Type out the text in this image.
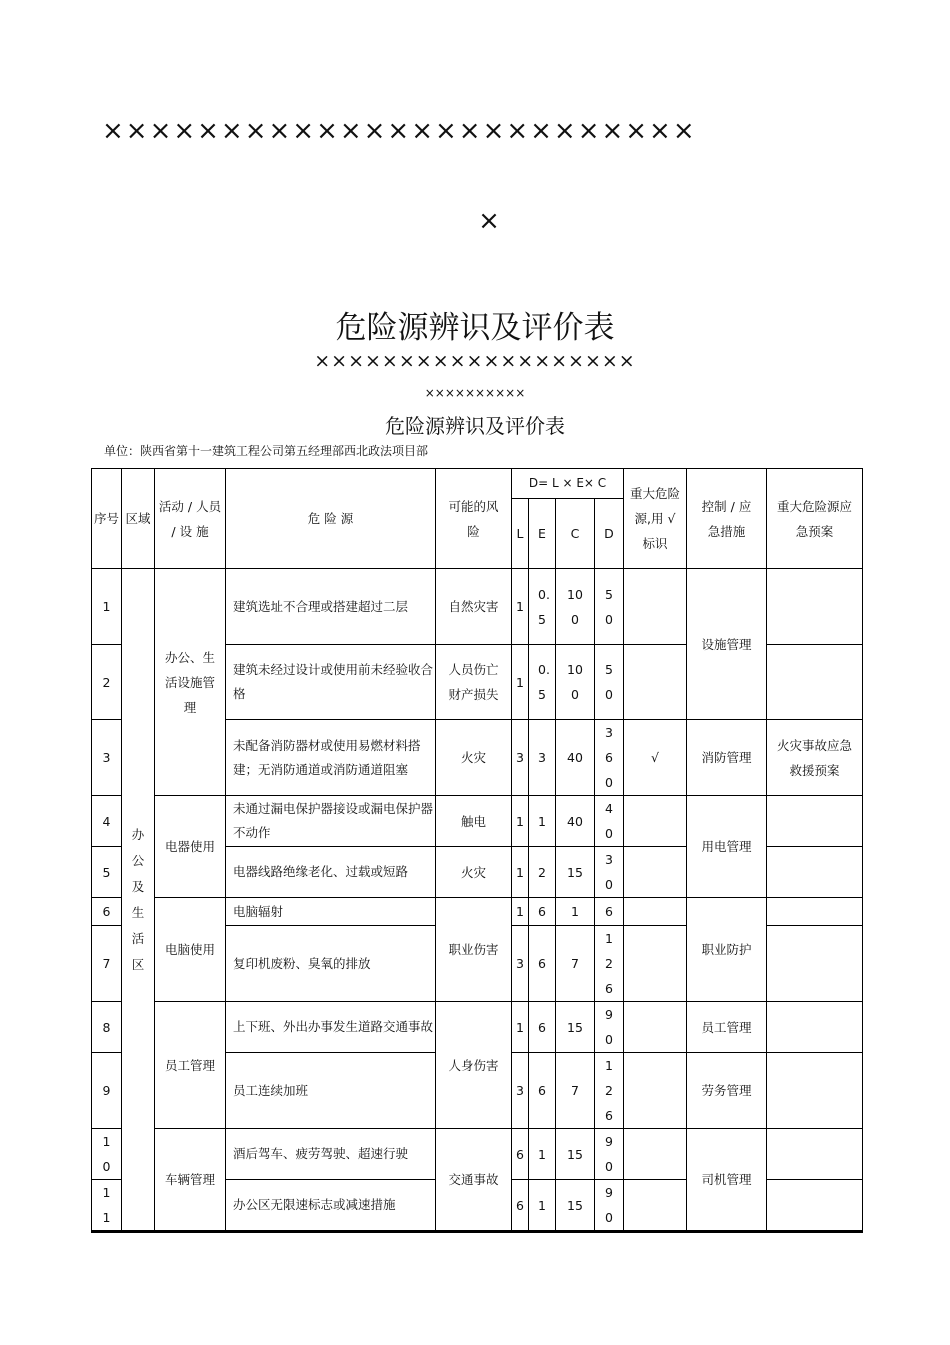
×××××××××××××××××××××××××
×
危险源辨识及评价表
×××××××××××××××××××
××××××××××
危险源辨识及评价表
单位：陕西省第十一建筑工程公司第五经理部西北政法项目部
序号	区域	活动 / 人员 / 设 施	危 险 源	可能的风险	D= L × E× C				重大危险源,用 √ 标识	控制 / 应急措施	重大危险源应急预案
					L	E	C	D			
1	办公及生活区	办公、生活设施管理	建筑选址不合理或搭建超过二层	自然灾害	1	0.5	100	50		设施管理	
2			建筑未经过设计或使用前未经验收合格	人员伤亡财产损失	1	0.5	100	50			
3			未配备消防器材或使用易燃材料搭建；无消防通道或消防通道阻塞	火灾	3	3	40	360	√	消防管理	火灾事故应急救援预案
4		电器使用	未通过漏电保护器接设或漏电保护器不动作	触电	1	1	40	40		用电管理	
5			电器线路绝缘老化、过载或短路	火灾	1	2	15	30			
6		电脑使用	电脑辐射	职业伤害	1	6	1	6		职业防护	
7			复印机废粉、臭氧的排放		3	6	7	126			
8		员工管理	上下班、外出办事发生道路交通事故	人身伤害	1	6	15	90		员工管理	
9			员工连续加班		3	6	7	126		劳务管理	
10		车辆管理	酒后驾车、疲劳驾驶、超速行驶	交通事故	6	1	15	90		司机管理	
11			办公区无限速标志或减速措施		6	1	15	90			
